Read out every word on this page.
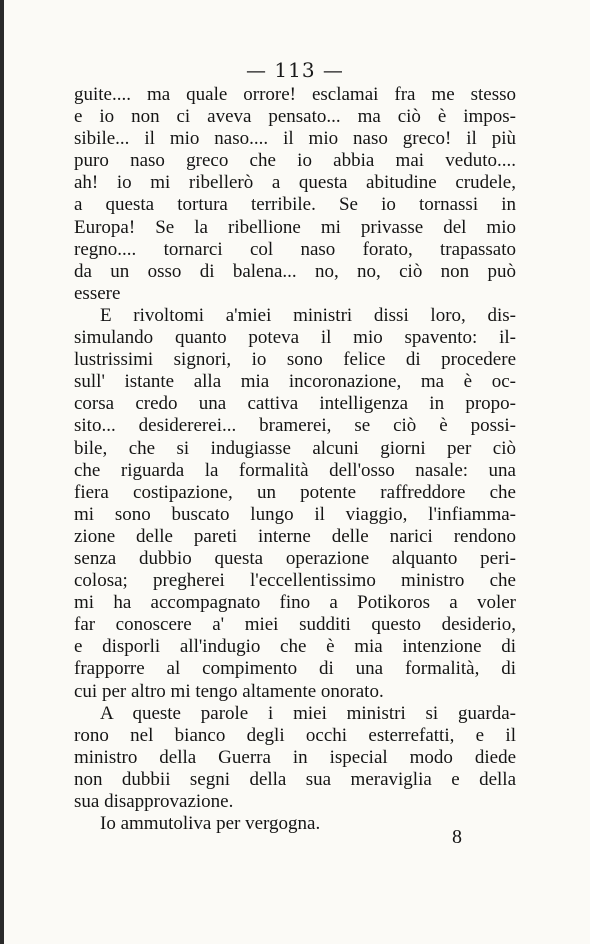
— 113 —
guite.... ma quale orrore! esclamai fra me stesso
e io non ci aveva pensato... ma ciò è impos-
sibile... il mio naso.... il mio naso greco! il più
puro naso greco che io abbia mai veduto....
ah! io mi ribellerò a questa abitudine crudele,
a questa tortura terribile. Se io tornassi in
Europa! Se la ribellione mi privasse del mio
regno.... tornarci col naso forato, trapassato
da un osso di balena... no, no, ciò non può
essere
E rivoltomi a'miei ministri dissi loro, dis-
simulando quanto poteva il mio spavento: il-
lustrissimi signori, io sono felice di procedere
sull' istante alla mia incoronazione, ma è oc-
corsa credo una cattiva intelligenza in propo-
sito... desidererei... bramerei, se ciò è possi-
bile, che si indugiasse alcuni giorni per ciò
che riguarda la formalità dell'osso nasale: una
fiera costipazione, un potente raffreddore che
mi sono buscato lungo il viaggio, l'infiamma-
zione delle pareti interne delle narici rendono
senza dubbio questa operazione alquanto peri-
colosa; pregherei l'eccellentissimo ministro che
mi ha accompagnato fino a Potikoros a voler
far conoscere a' miei sudditi questo desiderio,
e disporli all'indugio che è mia intenzione di
frapporre al compimento di una formalità, di
cui per altro mi tengo altamente onorato.
A queste parole i miei ministri si guarda-
rono nel bianco degli occhi esterrefatti, e il
ministro della Guerra in ispecial modo diede
non dubbii segni della sua meraviglia e della
sua disapprovazione.
Io ammutoliva per vergogna.
8
